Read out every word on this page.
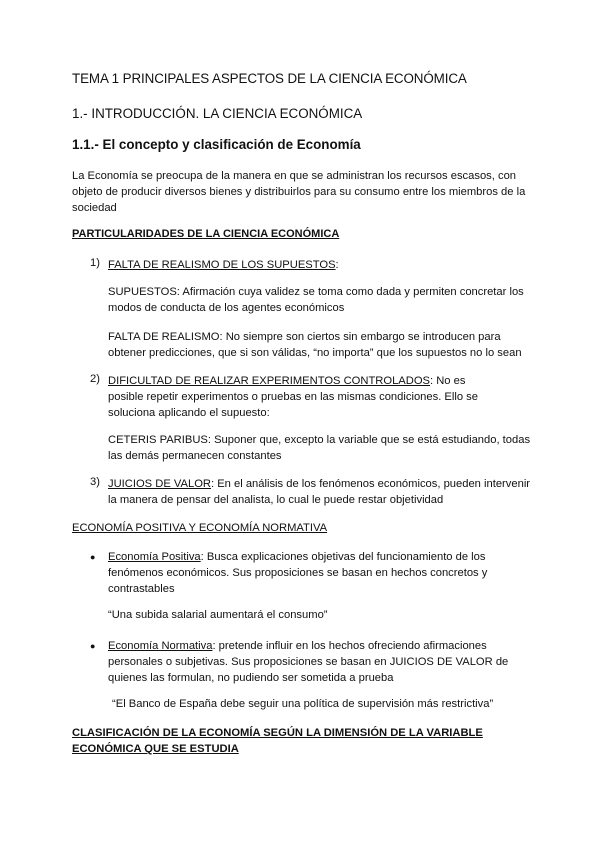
TEMA 1 PRINCIPALES ASPECTOS DE LA CIENCIA ECONÓMICA
1.- INTRODUCCIÓN. LA CIENCIA ECONÓMICA
1.1.- El concepto y clasificación de Economía
La Economía se preocupa de la manera en que se administran los recursos escasos, con objeto de producir diversos bienes y distribuirlos para su consumo entre los miembros de la sociedad
PARTICULARIDADES DE LA CIENCIA ECONÓMICA
1) FALTA DE REALISMO DE LOS SUPUESTOS:
SUPUESTOS: Afirmación cuya validez se toma como dada y permiten concretar los modos de conducta de los agentes económicos
FALTA DE REALISMO: No siempre son ciertos sin embargo se introducen para obtener predicciones, que si son válidas, “no importa” que los supuestos no lo sean
2) DIFICULTAD DE REALIZAR EXPERIMENTOS CONTROLADOS: No es posible repetir experimentos o pruebas en las mismas condiciones. Ello se soluciona aplicando el supuesto:
CETERIS PARIBUS: Suponer que, excepto la variable que se está estudiando, todas las demás permanecen constantes
3) JUICIOS DE VALOR: En el análisis de los fenómenos económicos, pueden intervenir la manera de pensar del analista, lo cual le puede restar objetividad
ECONOMÍA POSITIVA Y ECONOMÍA NORMATIVA
● Economía Positiva: Busca explicaciones objetivas del funcionamiento de los fenómenos económicos. Sus proposiciones se basan en hechos concretos y contrastables
“Una subida salarial aumentará el consumo”
● Economía Normativa: pretende influir en los hechos ofreciendo afirmaciones personales o subjetivas. Sus proposiciones se basan en JUICIOS DE VALOR de quienes las formulan, no pudiendo ser sometida a prueba
“El Banco de España debe seguir una política de supervisión más restrictiva”
CLASIFICACIÓN DE LA ECONOMÍA SEGÚN LA DIMENSIÓN DE LA VARIABLE ECONÓMICA QUE SE ESTUDIA
